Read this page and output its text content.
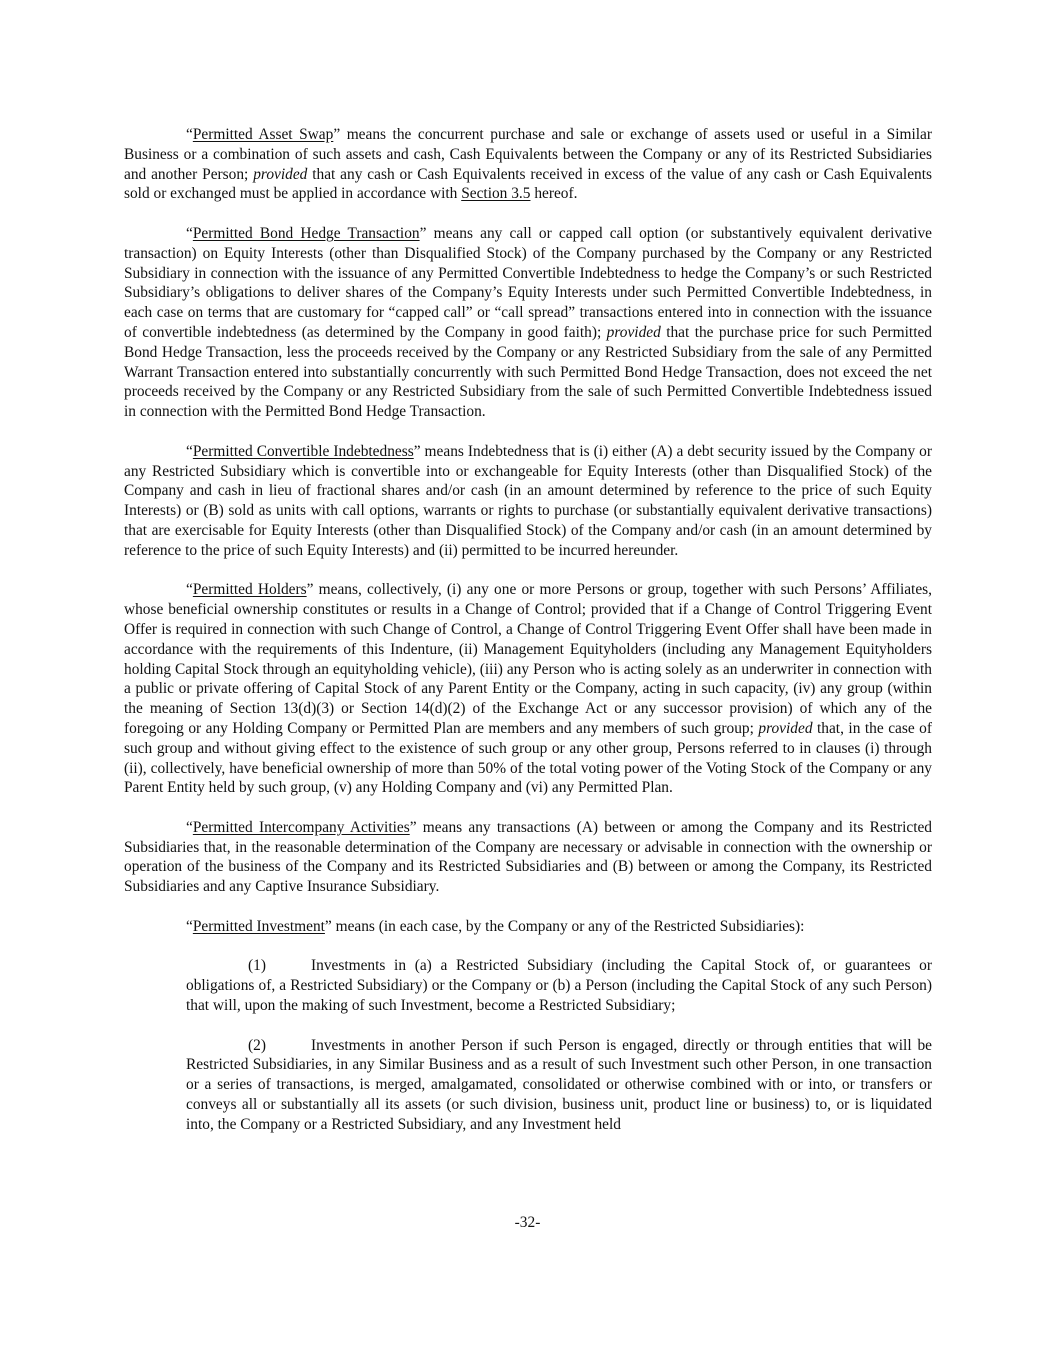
“Permitted Asset Swap” means the concurrent purchase and sale or exchange of assets used or useful in a Similar Business or a combination of such assets and cash, Cash Equivalents between the Company or any of its Restricted Subsidiaries and another Person; provided that any cash or Cash Equivalents received in excess of the value of any cash or Cash Equivalents sold or exchanged must be applied in accordance with Section 3.5 hereof.

“Permitted Bond Hedge Transaction” means any call or capped call option (or substantively equivalent derivative transaction) on Equity Interests (other than Disqualified Stock) of the Company purchased by the Company or any Restricted Subsidiary in connection with the issuance of any Permitted Convertible Indebtedness to hedge the Company’s or such Restricted Subsidiary’s obligations to deliver shares of the Company’s Equity Interests under such Permitted Convertible Indebtedness, in each case on terms that are customary for “capped call” or “call spread” transactions entered into in connection with the issuance of convertible indebtedness (as determined by the Company in good faith); provided that the purchase price for such Permitted Bond Hedge Transaction, less the proceeds received by the Company or any Restricted Subsidiary from the sale of any Permitted Warrant Transaction entered into substantially concurrently with such Permitted Bond Hedge Transaction, does not exceed the net proceeds received by the Company or any Restricted Subsidiary from the sale of such Permitted Convertible Indebtedness issued in connection with the Permitted Bond Hedge Transaction.

“Permitted Convertible Indebtedness” means Indebtedness that is (i) either (A) a debt security issued by the Company or any Restricted Subsidiary which is convertible into or exchangeable for Equity Interests (other than Disqualified Stock) of the Company and cash in lieu of fractional shares and/or cash (in an amount determined by reference to the price of such Equity Interests) or (B) sold as units with call options, warrants or rights to purchase (or substantially equivalent derivative transactions) that are exercisable for Equity Interests (other than Disqualified Stock) of the Company and/or cash (in an amount determined by reference to the price of such Equity Interests) and (ii) permitted to be incurred hereunder.

“Permitted Holders” means, collectively, (i) any one or more Persons or group, together with such Persons’ Affiliates, whose beneficial ownership constitutes or results in a Change of Control; provided that if a Change of Control Triggering Event Offer is required in connection with such Change of Control, a Change of Control Triggering Event Offer shall have been made in accordance with the requirements of this Indenture, (ii) Management Equityholders (including any Management Equityholders holding Capital Stock through an equityholding vehicle), (iii) any Person who is acting solely as an underwriter in connection with a public or private offering of Capital Stock of any Parent Entity or the Company, acting in such capacity, (iv) any group (within the meaning of Section 13(d)(3) or Section 14(d)(2) of the Exchange Act or any successor provision) of which any of the foregoing or any Holding Company or Permitted Plan are members and any members of such group; provided that, in the case of such group and without giving effect to the existence of such group or any other group, Persons referred to in clauses (i) through (ii), collectively, have beneficial ownership of more than 50% of the total voting power of the Voting Stock of the Company or any Parent Entity held by such group, (v) any Holding Company and (vi) any Permitted Plan.

“Permitted Intercompany Activities” means any transactions (A) between or among the Company and its Restricted Subsidiaries that, in the reasonable determination of the Company are necessary or advisable in connection with the ownership or operation of the business of the Company and its Restricted Subsidiaries and (B) between or among the Company, its Restricted Subsidiaries and any Captive Insurance Subsidiary.

“Permitted Investment” means (in each case, by the Company or any of the Restricted Subsidiaries):

(1)	Investments in (a) a Restricted Subsidiary (including the Capital Stock of, or guarantees or obligations of, a Restricted Subsidiary) or the Company or (b) a Person (including the Capital Stock of any such Person) that will, upon the making of such Investment, become a Restricted Subsidiary;

(2)	Investments in another Person if such Person is engaged, directly or through entities that will be Restricted Subsidiaries, in any Similar Business and as a result of such Investment such other Person, in one transaction or a series of transactions, is merged, amalgamated, consolidated or otherwise combined with or into, or transfers or conveys all or substantially all its assets (or such division, business unit, product line or business) to, or is liquidated into, the Company or a Restricted Subsidiary, and any Investment held

-32-
